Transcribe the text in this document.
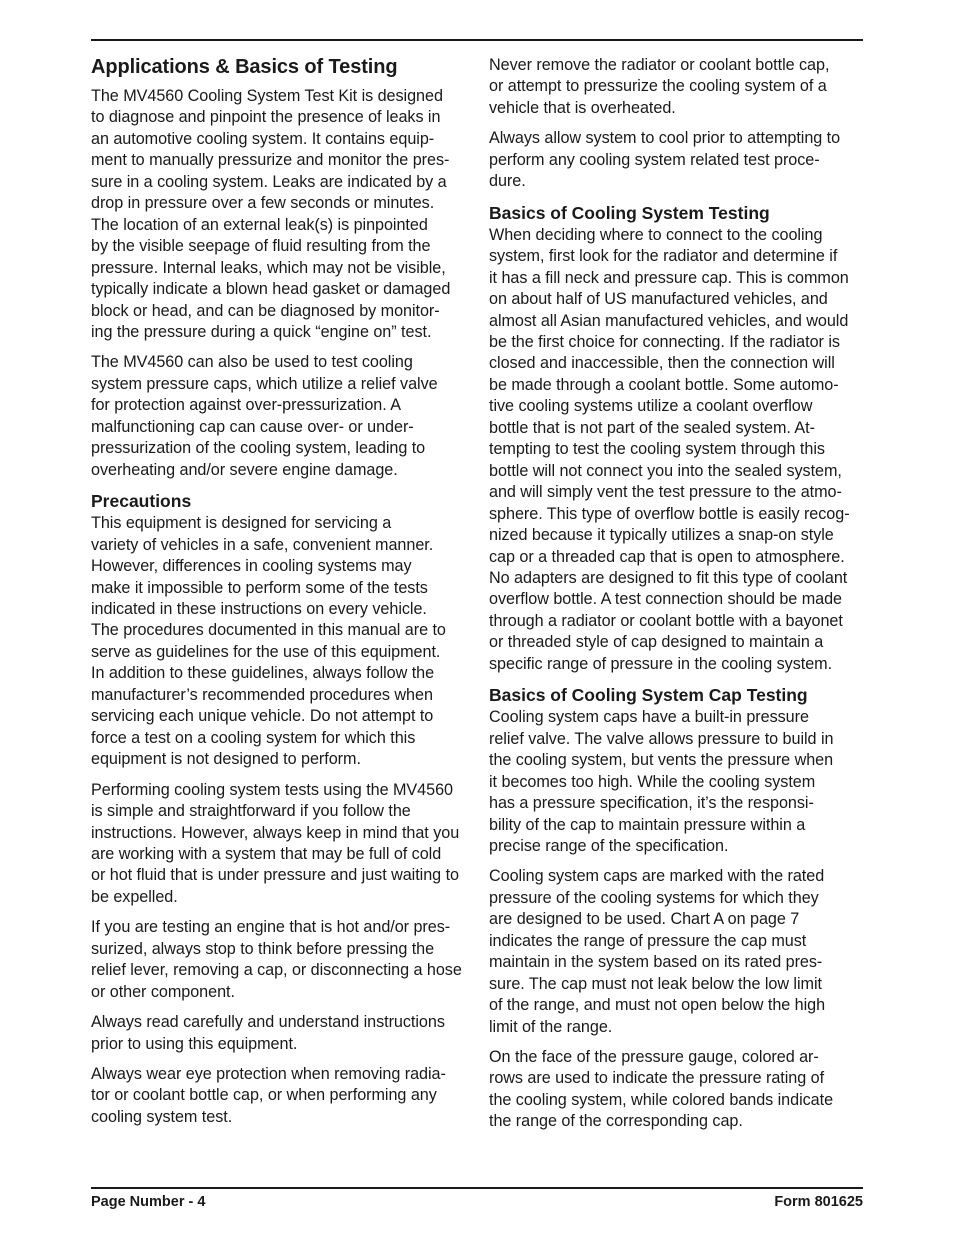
Applications & Basics of Testing

The MV4560 Cooling System Test Kit is designed
to diagnose and pinpoint the presence of leaks in
an automotive cooling system. It contains equip-
ment to manually pressurize and monitor the pres-
sure in a cooling system. Leaks are indicated by a
drop in pressure over a few seconds or minutes.
The location of an external leak(s) is pinpointed
by the visible seepage of fluid resulting from the
pressure. Internal leaks, which may not be visible,
typically indicate a blown head gasket or damaged
block or head, and can be diagnosed by monitor-
ing the pressure during a quick “engine on” test.

The MV4560 can also be used to test cooling
system pressure caps, which utilize a relief valve
for protection against over-pressurization. A
malfunctioning cap can cause over- or under-
pressurization of the cooling system, leading to
overheating and/or severe engine damage.

Precautions

This equipment is designed for servicing a
variety of vehicles in a safe, convenient manner.
However, differences in cooling systems may
make it impossible to perform some of the tests
indicated in these instructions on every vehicle.
The procedures documented in this manual are to
serve as guidelines for the use of this equipment.
In addition to these guidelines, always follow the
manufacturer’s recommended procedures when
servicing each unique vehicle. Do not attempt to
force a test on a cooling system for which this
equipment is not designed to perform.

Performing cooling system tests using the MV4560
is simple and straightforward if you follow the
instructions. However, always keep in mind that you
are working with a system that may be full of cold
or hot fluid that is under pressure and just waiting to
be expelled.

If you are testing an engine that is hot and/or pres-
surized, always stop to think before pressing the
relief lever, removing a cap, or disconnecting a hose
or other component.

Always read carefully and understand instructions
prior to using this equipment.

Always wear eye protection when removing radia-
tor or coolant bottle cap, or when performing any
cooling system test.

Never remove the radiator or coolant bottle cap,
or attempt to pressurize the cooling system of a
vehicle that is overheated.

Always allow system to cool prior to attempting to
perform any cooling system related test proce-
dure.

Basics of Cooling System Testing

When deciding where to connect to the cooling
system, first look for the radiator and determine if
it has a fill neck and pressure cap. This is common
on about half of US manufactured vehicles, and
almost all Asian manufactured vehicles, and would
be the first choice for connecting. If the radiator is
closed and inaccessible, then the connection will
be made through a coolant bottle. Some automo-
tive cooling systems utilize a coolant overflow
bottle that is not part of the sealed system. At-
tempting to test the cooling system through this
bottle will not connect you into the sealed system,
and will simply vent the test pressure to the atmo-
sphere. This type of overflow bottle is easily recog-
nized because it typically utilizes a snap-on style
cap or a threaded cap that is open to atmosphere.
No adapters are designed to fit this type of coolant
overflow bottle. A test connection should be made
through a radiator or coolant bottle with a bayonet
or threaded style of cap designed to maintain a
specific range of pressure in the cooling system.

Basics of Cooling System Cap Testing

Cooling system caps have a built-in pressure
relief valve. The valve allows pressure to build in
the cooling system, but vents the pressure when
it becomes too high. While the cooling system
has a pressure specification, it’s the responsi-
bility of the cap to maintain pressure within a
precise range of the specification.

Cooling system caps are marked with the rated
pressure of the cooling systems for which they
are designed to be used. Chart A on page 7
indicates the range of pressure the cap must
maintain in the system based on its rated pres-
sure. The cap must not leak below the low limit
of the range, and must not open below the high
limit of the range.

On the face of the pressure gauge, colored ar-
rows are used to indicate the pressure rating of
the cooling system, while colored bands indicate
the range of the corresponding cap.

Page Number - 4	Form 801625
